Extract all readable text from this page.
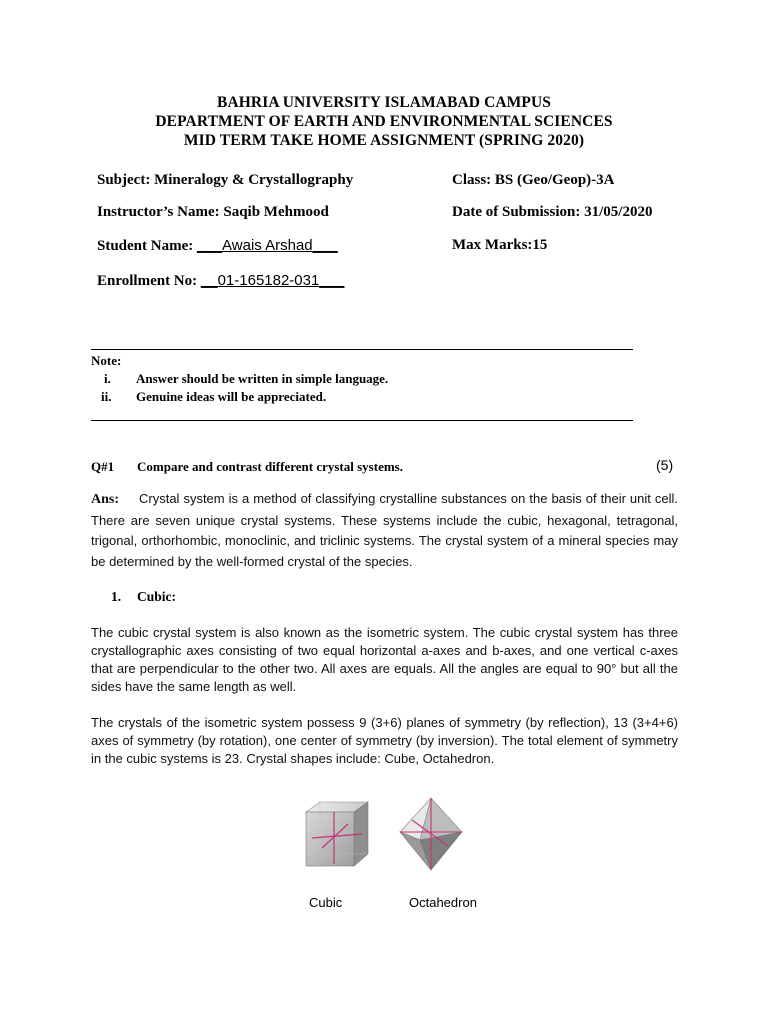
BAHRIA UNIVERSITY ISLAMABAD CAMPUS
DEPARTMENT OF EARTH AND ENVIRONMENTAL SCIENCES
MID TERM TAKE HOME ASSIGNMENT (SPRING 2020)
Subject: Mineralogy & Crystallography	Class: BS (Geo/Geop)-3A
Instructor’s Name: Saqib Mehmood	Date of Submission: 31/05/2020
Student Name: ___Awais Arshad___	Max Marks:15
Enrollment No: __01-165182-031___
Note:
i. Answer should be written in simple language.
ii. Genuine ideas will be appreciated.
Q#1 Compare and contrast different crystal systems.	(5)
Ans: Crystal system is a method of classifying crystalline substances on the basis of their unit cell. There are seven unique crystal systems. These systems include the cubic, hexagonal, tetragonal, trigonal, orthorhombic, monoclinic, and triclinic systems. The crystal system of a mineral species may be determined by the well-formed crystal of the species.
1. Cubic:
The cubic crystal system is also known as the isometric system. The cubic crystal system has three crystallographic axes consisting of two equal horizontal a-axes and b-axes, and one vertical c-axes that are perpendicular to the other two. All axes are equals. All the angles are equal to 90° but all the sides have the same length as well.
The crystals of the isometric system possess 9 (3+6) planes of symmetry (by reflection), 13 (3+4+6) axes of symmetry (by rotation), one center of symmetry (by inversion). The total element of symmetry in the cubic systems is 23. Crystal shapes include: Cube, Octahedron.
Cubic	Octahedron
